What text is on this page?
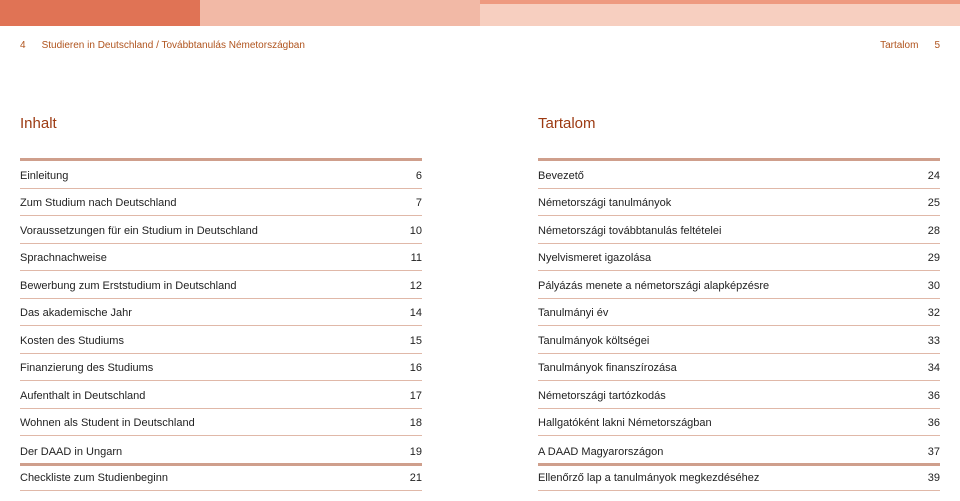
4 Studieren in Deutschland / Továbbtanulás Németországban	Tartalom 5
Inhalt
Einleitung	6
Zum Studium nach Deutschland	7
Voraussetzungen für ein Studium in Deutschland	10
Sprachnachweise	11
Bewerbung zum Erststudium in Deutschland	12
Das akademische Jahr	14
Kosten des Studiums	15
Finanzierung des Studiums	16
Aufenthalt in Deutschland	17
Wohnen als Student in Deutschland	18
Der DAAD in Ungarn	19
Checkliste zum Studienbeginn	21
Tartalom
Bevezető	24
Németországi tanulmányok	25
Németországi továbbtanulás feltételei	28
Nyelvismeret igazolása	29
Pályázás menete a németországi alapképzésre	30
Tanulmányi év	32
Tanulmányok költségei	33
Tanulmányok finanszírozása	34
Németországi tartózkodás	36
Hallgatóként lakni Németországban	36
A DAAD Magyarországon	37
Ellenőrző lap a tanulmányok megkezdéséhez	39
